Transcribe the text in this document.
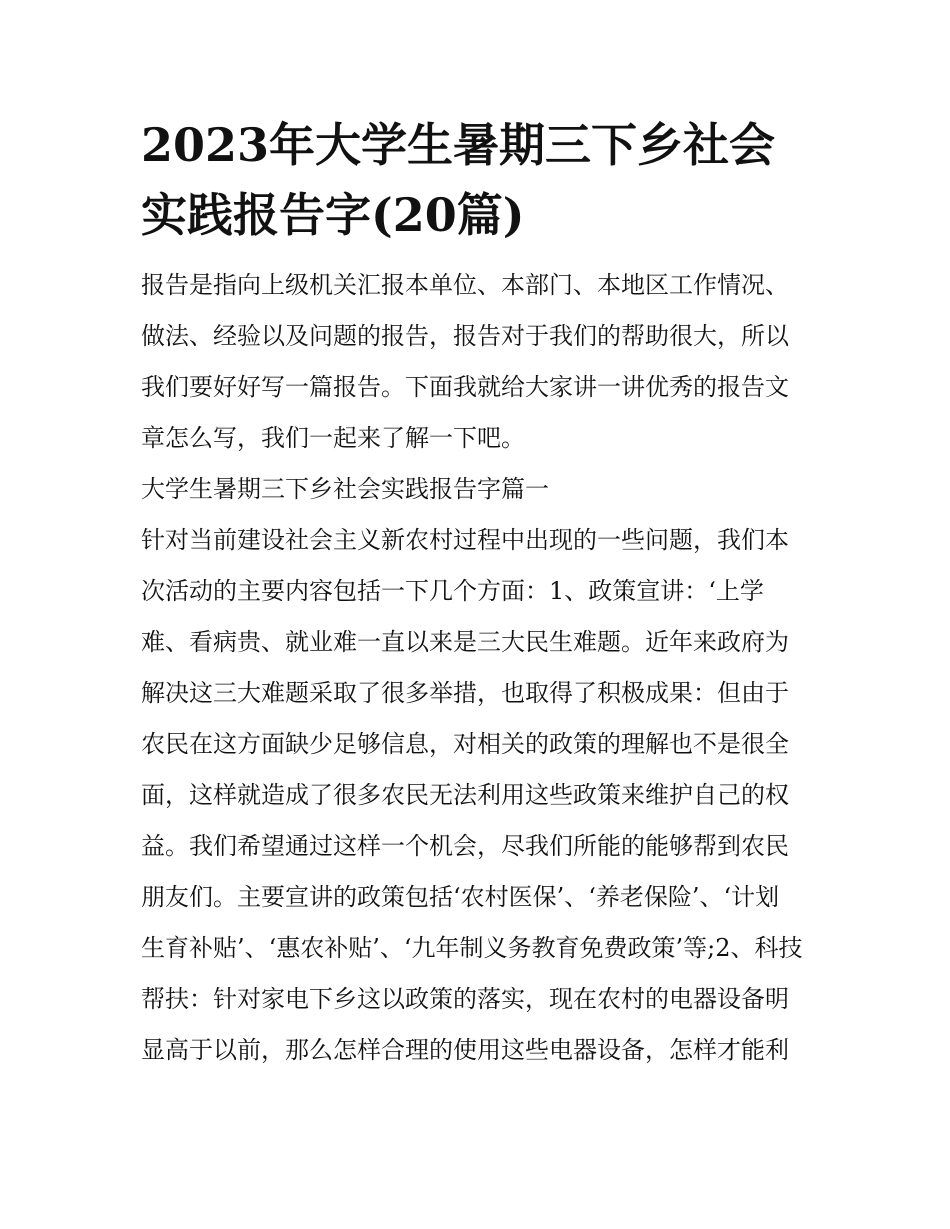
2023年大学生暑期三下乡社会
实践报告字(20篇)
报告是指向上级机关汇报本单位、本部门、本地区工作情况、
做法、经验以及问题的报告，报告对于我们的帮助很大，所以
我们要好好写一篇报告。下面我就给大家讲一讲优秀的报告文
章怎么写，我们一起来了解一下吧。
大学生暑期三下乡社会实践报告字篇一
针对当前建设社会主义新农村过程中出现的一些问题，我们本
次活动的主要内容包括一下几个方面：1、政策宣讲：‘上学
难、看病贵、就业难一直以来是三大民生难题。近年来政府为
解决这三大难题采取了很多举措，也取得了积极成果：但由于
农民在这方面缺少足够信息，对相关的政策的理解也不是很全
面，这样就造成了很多农民无法利用这些政策来维护自己的权
益。我们希望通过这样一个机会，尽我们所能的能够帮到农民
朋友们。主要宣讲的政策包括‘农村医保’、‘养老保险’、‘计划
生育补贴’、‘惠农补贴’、‘九年制义务教育免费政策’等;2、科技
帮扶：针对家电下乡这以政策的落实，现在农村的电器设备明
显高于以前，那么怎样合理的使用这些电器设备，怎样才能利
